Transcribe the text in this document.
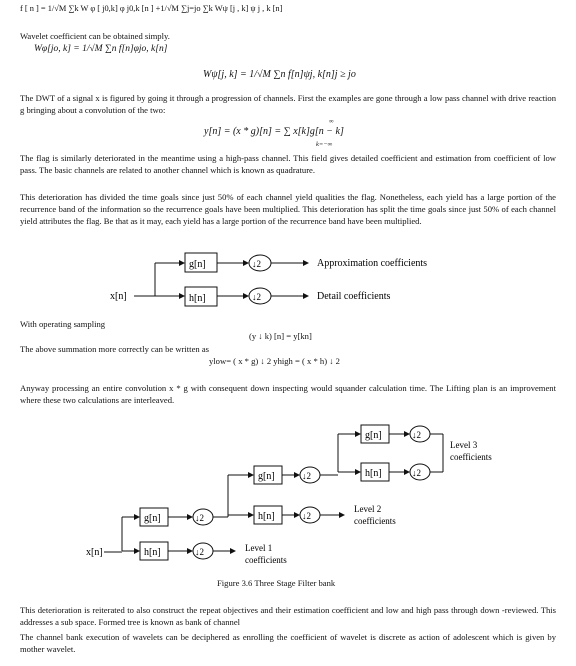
f [ n ] = 1/√M ∑k W φ [ j0,k] φ j0,k [n ] +1/√M ∑j=jo ∑k Wψ [j , k] ψ j , k [n]

Wavelet coefficient can be obtained simply.

Wφ[jo, k] = 1/√M ∑n f[n]φjo, k[n]

Wψ[j, k] = 1/√M ∑n f[n]ψj, k[n]j ≥ jo

The DWT of a signal x is figured by going it through a progression of channels. First the examples are gone through a low pass channel with drive reaction g bringing about a convolution of the two:

∞

y[n] = (x * g)[n] = ∑ x[k]g[n − k]

k=−∞

The flag is similarly deteriorated in the meantime using a high-pass channel. This field gives detailed coefficient and estimation from coefficient of low pass. The basic channels are related to another channel which is known as quadrature.

This deterioration has divided the time goals since just 50% of each channel yield qualities the flag. Nonetheless, each yield has a large portion of the recurrence band of the information so the recurrence goals have been multiplied. This deterioration has split the time goals since just 50% of each channel yield attributes the flag. Be that as it may, each yield has a large portion of the recurrence band have been multiplied.

x[n]
g[n]
h[n]
↓2
↓2
Approximation coefficients
Detail coefficients

With operating sampling

(y ↓ k) [n] = y[kn]

The above summation more correctly can be written as

ylow= ( x * g) ↓ 2 yhigh = ( x * h) ↓ 2

Anyway processing an entire convolution x * g with consequent down inspecting would squander calculation time. The Lifting plan is an improvement where these two calculations are interleaved.

x[n]
g[n]
h[n]
↓2
↓2	Level 1
coefficients
g[n]
h[n]
↓2
↓2
Level 2
coefficients
g[n]
h[n]
↓2
↓2
Level 3
coefficients

Figure 3.6 Three Stage Filter bank

This deterioration is reiterated to also construct the repeat objectives and their estimation coefficient and low and high pass through down -reviewed. This addresses a sub space. Formed tree is known as bank of channel

The channel bank execution of wavelets can be deciphered as enrolling the coefficient of wavelet is discrete as action of adolescent which is given by mother wavelet.
